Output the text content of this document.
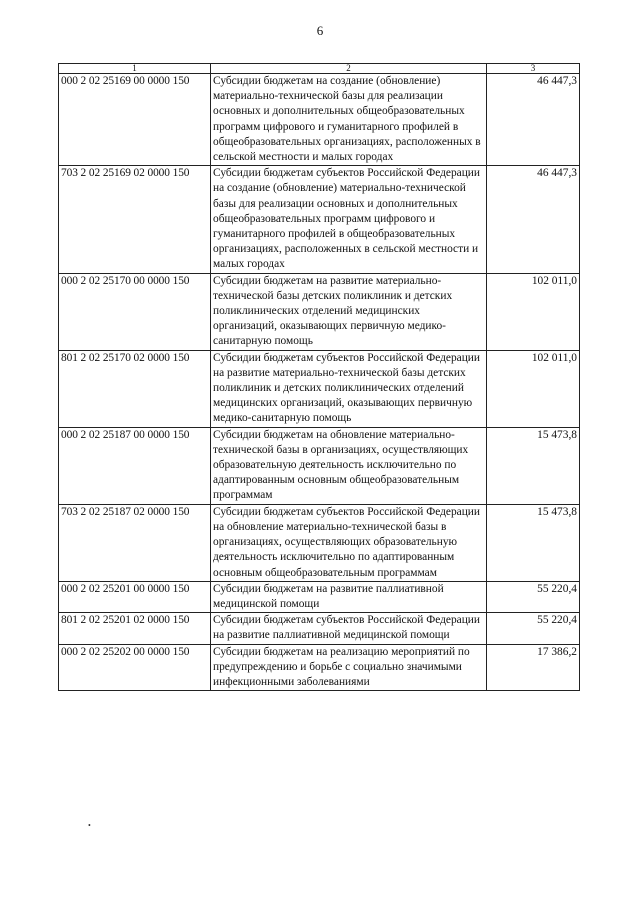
6
1	2	3
000 2 02 25169 00 0000 150	Субсидии бюджетам на создание (обновление) материально-технической базы для реализации основных и дополнительных общеобразовательных программ цифрового и гуманитарного профилей в общеобразовательных организациях, расположенных в сельской местности и малых городах	46 447,3
703 2 02 25169 02 0000 150	Субсидии бюджетам субъектов Российской Федерации на создание (обновление) материально-технической базы для реализации основных и дополнительных общеобразовательных программ цифрового и гуманитарного профилей в общеобразовательных организациях, расположенных в сельской местности и малых городах	46 447,3
000 2 02 25170 00 0000 150	Субсидии бюджетам на развитие материально-технической базы детских поликлиник и детских поликлинических отделений медицинских организаций, оказывающих первичную медико-санитарную помощь	102 011,0
801 2 02 25170 02 0000 150	Субсидии бюджетам субъектов Российской Федерации на развитие материально-технической базы детских поликлиник и детских поликлинических отделений медицинских организаций, оказывающих первичную медико-санитарную помощь	102 011,0
000 2 02 25187 00 0000 150	Субсидии бюджетам на обновление материально-технической базы в организациях, осуществляющих образовательную деятельность исключительно по адаптированным основным общеобразовательным программам	15 473,8
703 2 02 25187 02 0000 150	Субсидии бюджетам субъектов Российской Федерации на обновление материально-технической базы в организациях, осуществляющих образовательную деятельность исключительно по адаптированным основным общеобразовательным программам	15 473,8
000 2 02 25201 00 0000 150	Субсидии бюджетам на развитие паллиативной медицинской помощи	55 220,4
801 2 02 25201 02 0000 150	Субсидии бюджетам субъектов Российской Федерации на развитие паллиативной медицинской помощи	55 220,4
000 2 02 25202 00 0000 150	Субсидии бюджетам на реализацию мероприятий по предупреждению и борьбе с социально значимыми инфекционными заболеваниями	17 386,2
•
